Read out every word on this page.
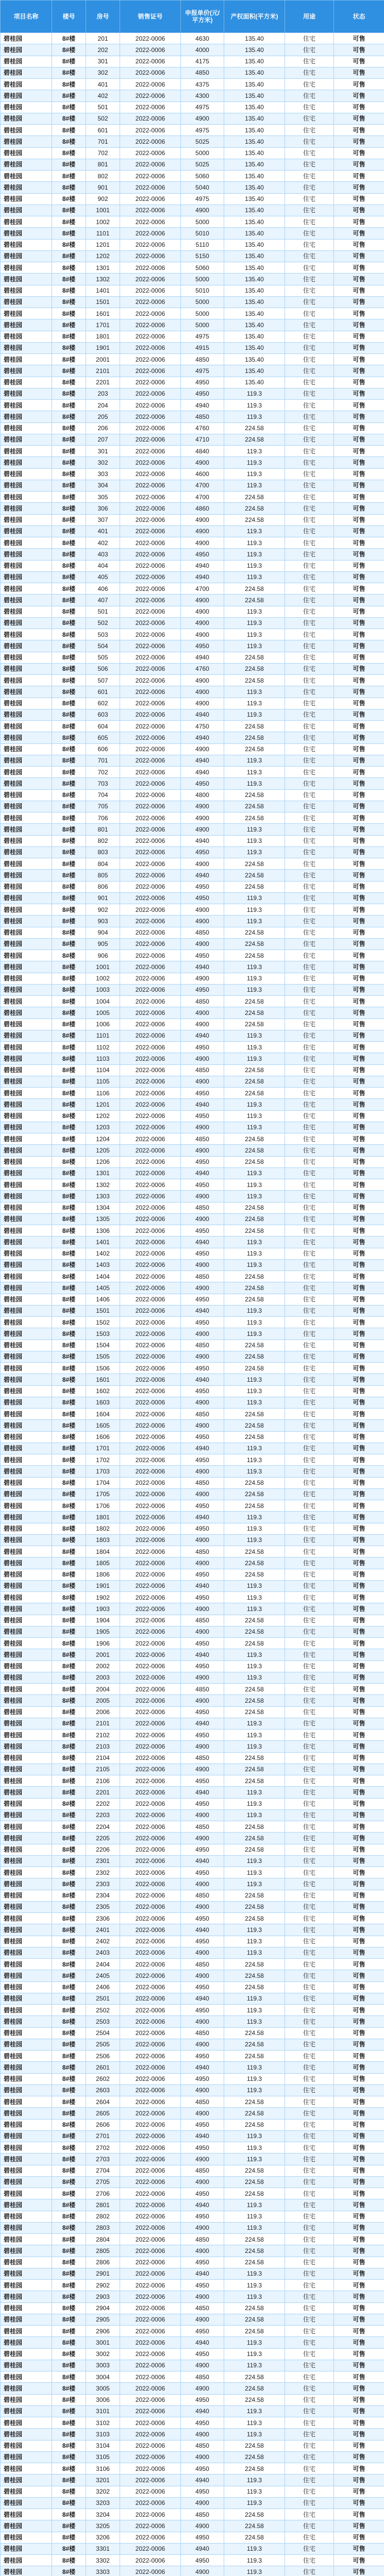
项目名称	楼号	房号	销售证号	申报单价(元/平方米)	产权面积(平方米)	用途	状态
碧桂园	8#楼	201	2022-0006	4630	135.40	住宅	可售
碧桂园	8#楼	202	2022-0006	4000	135.40	住宅	可售
碧桂园	8#楼	301	2022-0006	4175	135.40	住宅	可售
碧桂园	8#楼	302	2022-0006	4850	135.40	住宅	可售
碧桂园	8#楼	401	2022-0006	4375	135.40	住宅	可售
碧桂园	8#楼	402	2022-0006	4300	135.40	住宅	可售
碧桂园	8#楼	501	2022-0006	4975	135.40	住宅	可售
碧桂园	8#楼	502	2022-0006	4900	135.40	住宅	可售
碧桂园	8#楼	601	2022-0006	4975	135.40	住宅	可售
碧桂园	8#楼	701	2022-0006	5025	135.40	住宅	可售
碧桂园	8#楼	702	2022-0006	5000	135.40	住宅	可售
碧桂园	8#楼	801	2022-0006	5025	135.40	住宅	可售
碧桂园	8#楼	802	2022-0006	5060	135.40	住宅	可售
碧桂园	8#楼	901	2022-0006	5040	135.40	住宅	可售
碧桂园	8#楼	902	2022-0006	4975	135.40	住宅	可售
碧桂园	8#楼	1001	2022-0006	4900	135.40	住宅	可售
碧桂园	8#楼	1002	2022-0006	5000	135.40	住宅	可售
碧桂园	8#楼	1101	2022-0006	5010	135.40	住宅	可售
碧桂园	8#楼	1201	2022-0006	5110	135.40	住宅	可售
碧桂园	8#楼	1202	2022-0006	5150	135.40	住宅	可售
碧桂园	8#楼	1301	2022-0006	5060	135.40	住宅	可售
碧桂园	8#楼	1302	2022-0006	5000	135.40	住宅	可售
碧桂园	8#楼	1401	2022-0006	5010	135.40	住宅	可售
碧桂园	8#楼	1501	2022-0006	5000	135.40	住宅	可售
碧桂园	8#楼	1601	2022-0006	5000	135.40	住宅	可售
碧桂园	8#楼	1701	2022-0006	5000	135.40	住宅	可售
碧桂园	8#楼	1801	2022-0006	4975	135.40	住宅	可售
碧桂园	8#楼	1901	2022-0006	4915	135.40	住宅	可售
碧桂园	8#楼	2001	2022-0006	4850	135.40	住宅	可售
碧桂园	8#楼	2101	2022-0006	4975	135.40	住宅	可售
碧桂园	8#楼	2201	2022-0006	4950	135.40	住宅	可售
碧桂园	8#楼	203	2022-0006	4950	119.3	住宅	可售
碧桂园	8#楼	204	2022-0006	4940	119.3	住宅	可售
碧桂园	8#楼	205	2022-0006	4850	119.3	住宅	可售
碧桂园	8#楼	206	2022-0006	4760	224.58	住宅	可售
碧桂园	8#楼	207	2022-0006	4710	224.58	住宅	可售
碧桂园	8#楼	301	2022-0006	4840	119.3	住宅	可售
碧桂园	8#楼	302	2022-0006	4900	119.3	住宅	可售
碧桂园	8#楼	303	2022-0006	4600	119.3	住宅	可售
碧桂园	8#楼	304	2022-0006	4700	119.3	住宅	可售
碧桂园	8#楼	305	2022-0006	4700	224.58	住宅	可售
碧桂园	8#楼	306	2022-0006	4860	224.58	住宅	可售
碧桂园	8#楼	307	2022-0006	4900	224.58	住宅	可售
碧桂园	8#楼	401	2022-0006	4900	119.3	住宅	可售
碧桂园	8#楼	402	2022-0006	4900	119.3	住宅	可售
碧桂园	8#楼	403	2022-0006	4950	119.3	住宅	可售
碧桂园	8#楼	404	2022-0006	4940	119.3	住宅	可售
碧桂园	8#楼	405	2022-0006	4940	119.3	住宅	可售
碧桂园	8#楼	406	2022-0006	4700	224.58	住宅	可售
碧桂园	8#楼	407	2022-0006	4900	224.58	住宅	可售
碧桂园	8#楼	501	2022-0006	4900	119.3	住宅	可售
碧桂园	8#楼	502	2022-0006	4900	119.3	住宅	可售
碧桂园	8#楼	503	2022-0006	4900	119.3	住宅	可售
碧桂园	8#楼	504	2022-0006	4950	119.3	住宅	可售
碧桂园	8#楼	505	2022-0006	4940	224.58	住宅	可售
碧桂园	8#楼	506	2022-0006	4760	224.58	住宅	可售
碧桂园	8#楼	507	2022-0006	4900	224.58	住宅	可售
碧桂园	8#楼	601	2022-0006	4900	119.3	住宅	可售
碧桂园	8#楼	602	2022-0006	4900	119.3	住宅	可售
碧桂园	8#楼	603	2022-0006	4940	119.3	住宅	可售
碧桂园	8#楼	604	2022-0006	4750	224.58	住宅	可售
碧桂园	8#楼	605	2022-0006	4940	224.58	住宅	可售
碧桂园	8#楼	606	2022-0006	4900	224.58	住宅	可售
碧桂园	8#楼	701	2022-0006	4940	119.3	住宅	可售
碧桂园	8#楼	702	2022-0006	4940	119.3	住宅	可售
碧桂园	8#楼	703	2022-0006	4950	119.3	住宅	可售
碧桂园	8#楼	704	2022-0006	4800	224.58	住宅	可售
碧桂园	8#楼	705	2022-0006	4900	224.58	住宅	可售
碧桂园	8#楼	706	2022-0006	4900	224.58	住宅	可售
碧桂园	8#楼	801	2022-0006	4900	119.3	住宅	可售
碧桂园	8#楼	802	2022-0006	4940	119.3	住宅	可售
碧桂园	8#楼	803	2022-0006	4950	119.3	住宅	可售
碧桂园	8#楼	804	2022-0006	4900	224.58	住宅	可售
碧桂园	8#楼	805	2022-0006	4940	224.58	住宅	可售
碧桂园	8#楼	806	2022-0006	4950	224.58	住宅	可售
碧桂园	8#楼	901	2022-0006	4950	119.3	住宅	可售
碧桂园	8#楼	902	2022-0006	4900	119.3	住宅	可售
碧桂园	8#楼	903	2022-0006	4900	119.3	住宅	可售
碧桂园	8#楼	904	2022-0006	4850	224.58	住宅	可售
碧桂园	8#楼	905	2022-0006	4900	224.58	住宅	可售
碧桂园	8#楼	906	2022-0006	4950	224.58	住宅	可售
碧桂园	8#楼	1001	2022-0006	4940	119.3	住宅	可售
碧桂园	8#楼	1002	2022-0006	4900	119.3	住宅	可售
碧桂园	8#楼	1003	2022-0006	4950	119.3	住宅	可售
碧桂园	8#楼	1004	2022-0006	4850	224.58	住宅	可售
碧桂园	8#楼	1005	2022-0006	4900	224.58	住宅	可售
碧桂园	8#楼	1006	2022-0006	4900	224.58	住宅	可售
碧桂园	8#楼	1101	2022-0006	4940	119.3	住宅	可售
碧桂园	8#楼	1102	2022-0006	4950	119.3	住宅	可售
碧桂园	8#楼	1103	2022-0006	4900	119.3	住宅	可售
碧桂园	8#楼	1104	2022-0006	4850	224.58	住宅	可售
碧桂园	8#楼	1105	2022-0006	4900	224.58	住宅	可售
碧桂园	8#楼	1106	2022-0006	4950	224.58	住宅	可售
碧桂园	8#楼	1201	2022-0006	4940	119.3	住宅	可售
碧桂园	8#楼	1202	2022-0006	4950	119.3	住宅	可售
碧桂园	8#楼	1203	2022-0006	4900	119.3	住宅	可售
碧桂园	8#楼	1204	2022-0006	4850	224.58	住宅	可售
碧桂园	8#楼	1205	2022-0006	4900	224.58	住宅	可售
碧桂园	8#楼	1206	2022-0006	4950	224.58	住宅	可售
碧桂园	8#楼	1301	2022-0006	4940	119.3	住宅	可售
碧桂园	8#楼	1302	2022-0006	4950	119.3	住宅	可售
碧桂园	8#楼	1303	2022-0006	4900	119.3	住宅	可售
碧桂园	8#楼	1304	2022-0006	4850	224.58	住宅	可售
碧桂园	8#楼	1305	2022-0006	4900	224.58	住宅	可售
碧桂园	8#楼	1306	2022-0006	4950	224.58	住宅	可售
碧桂园	8#楼	1401	2022-0006	4940	119.3	住宅	可售
碧桂园	8#楼	1402	2022-0006	4950	119.3	住宅	可售
碧桂园	8#楼	1403	2022-0006	4900	119.3	住宅	可售
碧桂园	8#楼	1404	2022-0006	4850	224.58	住宅	可售
碧桂园	8#楼	1405	2022-0006	4900	224.58	住宅	可售
碧桂园	8#楼	1406	2022-0006	4950	224.58	住宅	可售
碧桂园	8#楼	1501	2022-0006	4940	119.3	住宅	可售
碧桂园	8#楼	1502	2022-0006	4950	119.3	住宅	可售
碧桂园	8#楼	1503	2022-0006	4900	119.3	住宅	可售
碧桂园	8#楼	1504	2022-0006	4850	224.58	住宅	可售
碧桂园	8#楼	1505	2022-0006	4900	224.58	住宅	可售
碧桂园	8#楼	1506	2022-0006	4950	224.58	住宅	可售
碧桂园	8#楼	1601	2022-0006	4940	119.3	住宅	可售
碧桂园	8#楼	1602	2022-0006	4950	119.3	住宅	可售
碧桂园	8#楼	1603	2022-0006	4900	119.3	住宅	可售
碧桂园	8#楼	1604	2022-0006	4850	224.58	住宅	可售
碧桂园	8#楼	1605	2022-0006	4900	224.58	住宅	可售
碧桂园	8#楼	1606	2022-0006	4950	224.58	住宅	可售
碧桂园	8#楼	1701	2022-0006	4940	119.3	住宅	可售
碧桂园	8#楼	1702	2022-0006	4950	119.3	住宅	可售
碧桂园	8#楼	1703	2022-0006	4900	119.3	住宅	可售
碧桂园	8#楼	1704	2022-0006	4850	224.58	住宅	可售
碧桂园	8#楼	1705	2022-0006	4900	224.58	住宅	可售
碧桂园	8#楼	1706	2022-0006	4950	224.58	住宅	可售
碧桂园	8#楼	1801	2022-0006	4940	119.3	住宅	可售
碧桂园	8#楼	1802	2022-0006	4950	119.3	住宅	可售
碧桂园	8#楼	1803	2022-0006	4900	119.3	住宅	可售
碧桂园	8#楼	1804	2022-0006	4850	224.58	住宅	可售
碧桂园	8#楼	1805	2022-0006	4900	224.58	住宅	可售
碧桂园	8#楼	1806	2022-0006	4950	224.58	住宅	可售
碧桂园	8#楼	1901	2022-0006	4940	119.3	住宅	可售
碧桂园	8#楼	1902	2022-0006	4950	119.3	住宅	可售
碧桂园	8#楼	1903	2022-0006	4900	119.3	住宅	可售
碧桂园	8#楼	1904	2022-0006	4850	224.58	住宅	可售
碧桂园	8#楼	1905	2022-0006	4900	224.58	住宅	可售
碧桂园	8#楼	1906	2022-0006	4950	224.58	住宅	可售
碧桂园	8#楼	2001	2022-0006	4940	119.3	住宅	可售
碧桂园	8#楼	2002	2022-0006	4950	119.3	住宅	可售
碧桂园	8#楼	2003	2022-0006	4900	119.3	住宅	可售
碧桂园	8#楼	2004	2022-0006	4850	224.58	住宅	可售
碧桂园	8#楼	2005	2022-0006	4900	224.58	住宅	可售
碧桂园	8#楼	2006	2022-0006	4950	224.58	住宅	可售
碧桂园	8#楼	2101	2022-0006	4940	119.3	住宅	可售
碧桂园	8#楼	2102	2022-0006	4950	119.3	住宅	可售
碧桂园	8#楼	2103	2022-0006	4900	119.3	住宅	可售
碧桂园	8#楼	2104	2022-0006	4850	224.58	住宅	可售
碧桂园	8#楼	2105	2022-0006	4900	224.58	住宅	可售
碧桂园	8#楼	2106	2022-0006	4950	224.58	住宅	可售
碧桂园	8#楼	2201	2022-0006	4940	119.3	住宅	可售
碧桂园	8#楼	2202	2022-0006	4950	119.3	住宅	可售
碧桂园	8#楼	2203	2022-0006	4900	119.3	住宅	可售
碧桂园	8#楼	2204	2022-0006	4850	224.58	住宅	可售
碧桂园	8#楼	2205	2022-0006	4900	224.58	住宅	可售
碧桂园	8#楼	2206	2022-0006	4950	224.58	住宅	可售
碧桂园	8#楼	2301	2022-0006	4940	119.3	住宅	可售
碧桂园	8#楼	2302	2022-0006	4950	119.3	住宅	可售
碧桂园	8#楼	2303	2022-0006	4900	119.3	住宅	可售
碧桂园	8#楼	2304	2022-0006	4850	224.58	住宅	可售
碧桂园	8#楼	2305	2022-0006	4900	224.58	住宅	可售
碧桂园	8#楼	2306	2022-0006	4950	224.58	住宅	可售
碧桂园	8#楼	2401	2022-0006	4940	119.3	住宅	可售
碧桂园	8#楼	2402	2022-0006	4950	119.3	住宅	可售
碧桂园	8#楼	2403	2022-0006	4900	119.3	住宅	可售
碧桂园	8#楼	2404	2022-0006	4850	224.58	住宅	可售
碧桂园	8#楼	2405	2022-0006	4900	224.58	住宅	可售
碧桂园	8#楼	2406	2022-0006	4950	224.58	住宅	可售
碧桂园	8#楼	2501	2022-0006	4940	119.3	住宅	可售
碧桂园	8#楼	2502	2022-0006	4950	119.3	住宅	可售
碧桂园	8#楼	2503	2022-0006	4900	119.3	住宅	可售
碧桂园	8#楼	2504	2022-0006	4850	224.58	住宅	可售
碧桂园	8#楼	2505	2022-0006	4900	224.58	住宅	可售
碧桂园	8#楼	2506	2022-0006	4950	224.58	住宅	可售
碧桂园	8#楼	2601	2022-0006	4940	119.3	住宅	可售
碧桂园	8#楼	2602	2022-0006	4950	119.3	住宅	可售
碧桂园	8#楼	2603	2022-0006	4900	119.3	住宅	可售
碧桂园	8#楼	2604	2022-0006	4850	224.58	住宅	可售
碧桂园	8#楼	2605	2022-0006	4900	224.58	住宅	可售
碧桂园	8#楼	2606	2022-0006	4950	224.58	住宅	可售
碧桂园	8#楼	2701	2022-0006	4940	119.3	住宅	可售
碧桂园	8#楼	2702	2022-0006	4950	119.3	住宅	可售
碧桂园	8#楼	2703	2022-0006	4900	119.3	住宅	可售
碧桂园	8#楼	2704	2022-0006	4850	224.58	住宅	可售
碧桂园	8#楼	2705	2022-0006	4900	224.58	住宅	可售
碧桂园	8#楼	2706	2022-0006	4950	224.58	住宅	可售
碧桂园	8#楼	2801	2022-0006	4940	119.3	住宅	可售
碧桂园	8#楼	2802	2022-0006	4950	119.3	住宅	可售
碧桂园	8#楼	2803	2022-0006	4900	119.3	住宅	可售
碧桂园	8#楼	2804	2022-0006	4850	224.58	住宅	可售
碧桂园	8#楼	2805	2022-0006	4900	224.58	住宅	可售
碧桂园	8#楼	2806	2022-0006	4950	224.58	住宅	可售
碧桂园	8#楼	2901	2022-0006	4940	119.3	住宅	可售
碧桂园	8#楼	2902	2022-0006	4950	119.3	住宅	可售
碧桂园	8#楼	2903	2022-0006	4900	119.3	住宅	可售
碧桂园	8#楼	2904	2022-0006	4850	224.58	住宅	可售
碧桂园	8#楼	2905	2022-0006	4900	224.58	住宅	可售
碧桂园	8#楼	2906	2022-0006	4950	224.58	住宅	可售
碧桂园	8#楼	3001	2022-0006	4940	119.3	住宅	可售
碧桂园	8#楼	3002	2022-0006	4950	119.3	住宅	可售
碧桂园	8#楼	3003	2022-0006	4900	119.3	住宅	可售
碧桂园	8#楼	3004	2022-0006	4850	224.58	住宅	可售
碧桂园	8#楼	3005	2022-0006	4900	224.58	住宅	可售
碧桂园	8#楼	3006	2022-0006	4950	224.58	住宅	可售
碧桂园	8#楼	3101	2022-0006	4940	119.3	住宅	可售
碧桂园	8#楼	3102	2022-0006	4950	119.3	住宅	可售
碧桂园	8#楼	3103	2022-0006	4900	119.3	住宅	可售
碧桂园	8#楼	3104	2022-0006	4850	224.58	住宅	可售
碧桂园	8#楼	3105	2022-0006	4900	224.58	住宅	可售
碧桂园	8#楼	3106	2022-0006	4950	224.58	住宅	可售
碧桂园	8#楼	3201	2022-0006	4940	119.3	住宅	可售
碧桂园	8#楼	3202	2022-0006	4950	119.3	住宅	可售
碧桂园	8#楼	3203	2022-0006	4900	119.3	住宅	可售
碧桂园	8#楼	3204	2022-0006	4850	224.58	住宅	可售
碧桂园	8#楼	3205	2022-0006	4900	224.58	住宅	可售
碧桂园	8#楼	3206	2022-0006	4950	224.58	住宅	可售
碧桂园	8#楼	3301	2022-0006	4940	119.3	住宅	可售
碧桂园	8#楼	3302	2022-0006	4950	119.3	住宅	可售
碧桂园	8#楼	3303	2022-0006	4900	119.3	住宅	可售
